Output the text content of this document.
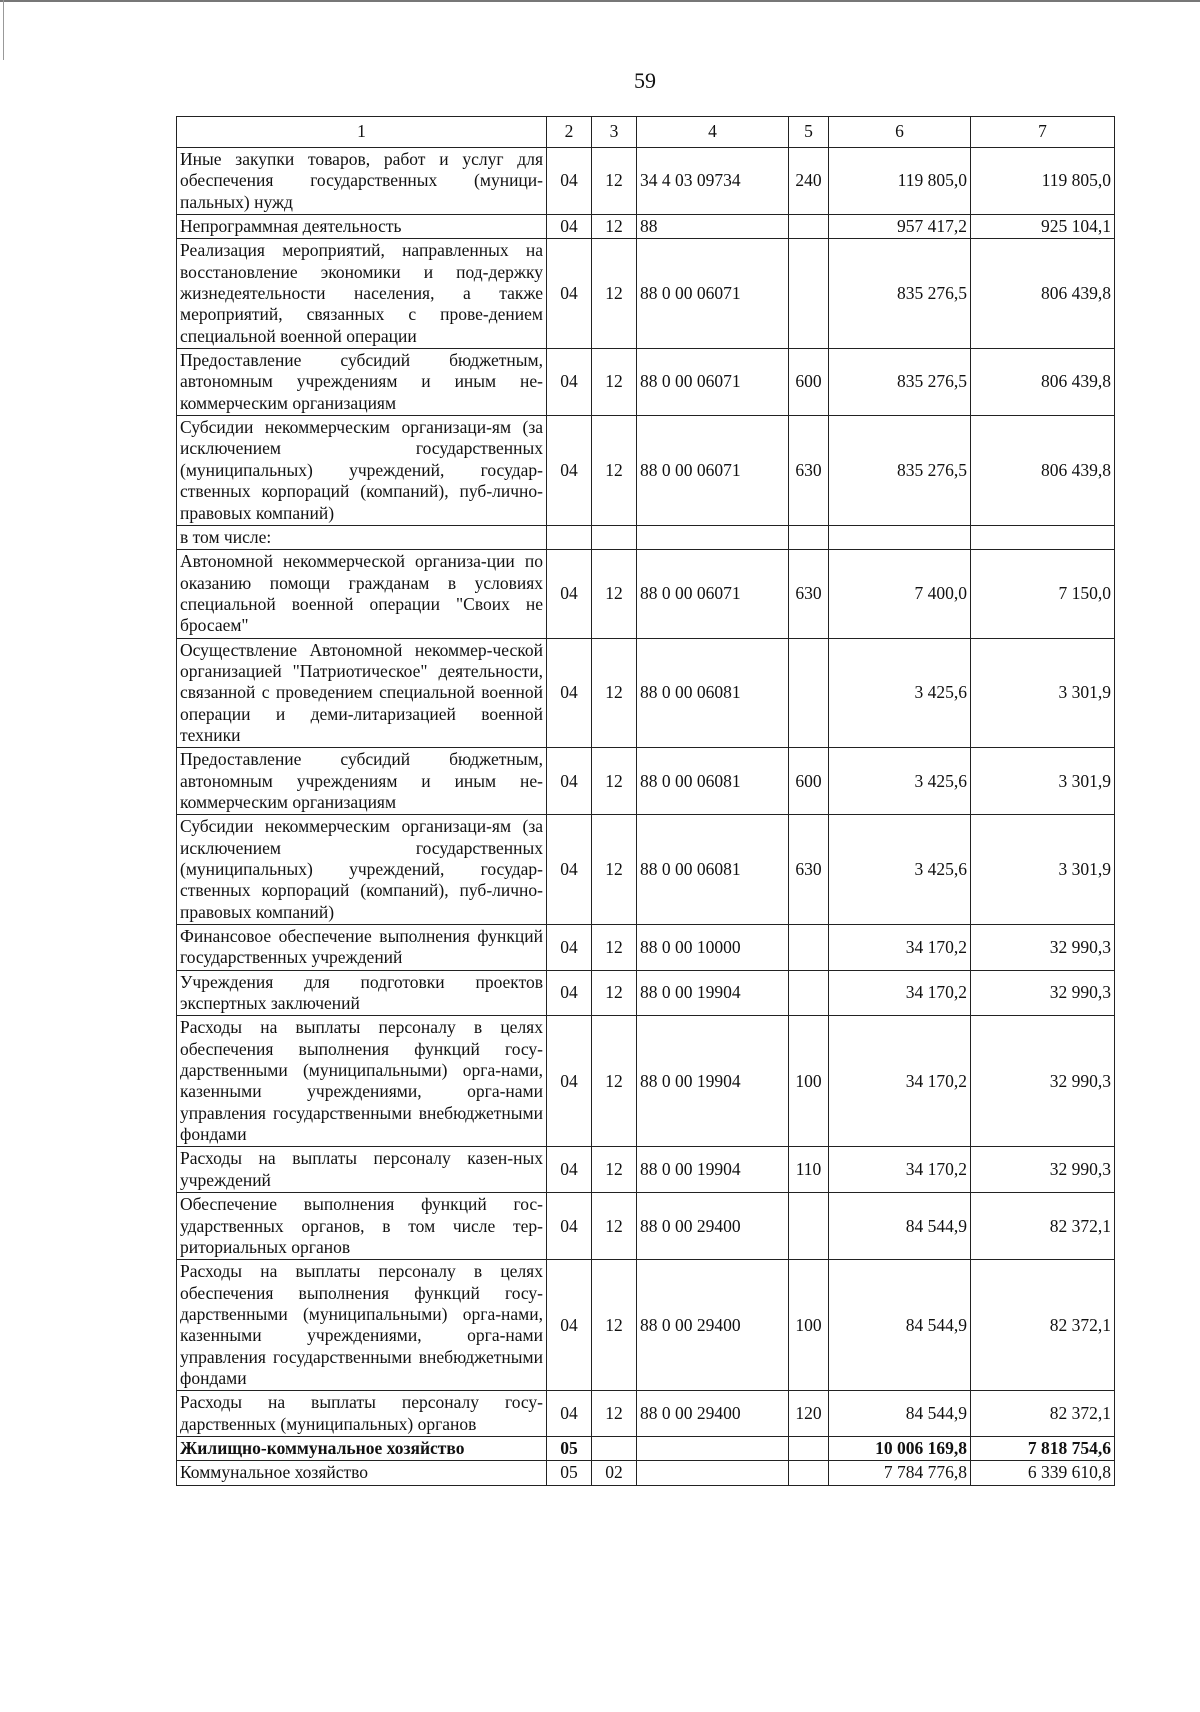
59
1	2	3	4	5	6	7
Иные закупки товаров, работ и услуг для обеспечения государственных (муници-пальных) нужд	04	12	34 4 03 09734	240	119 805,0	119 805,0
Непрограммная деятельность	04	12	88		957 417,2	925 104,1
Реализация мероприятий, направленных на восстановление экономики и под-держку жизнедеятельности населения, а также мероприятий, связанных с прове-дением специальной военной операции	04	12	88 0 00 06071		835 276,5	806 439,8
Предоставление субсидий бюджетным, автономным учреждениям и иным не-коммерческим организациям	04	12	88 0 00 06071	600	835 276,5	806 439,8
Субсидии некоммерческим организаци-ям (за исключением государственных (муниципальных) учреждений, государ-ственных корпораций (компаний), пуб-лично-правовых компаний)	04	12	88 0 00 06071	630	835 276,5	806 439,8
в том числе:						
Автономной некоммерческой организа-ции по оказанию помощи гражданам в условиях специальной военной операции "Своих не бросаем"	04	12	88 0 00 06071	630	7 400,0	7 150,0
Осуществление Автономной некоммер-ческой организацией "Патриотическое" деятельности, связанной с проведением специальной военной операции и деми-литаризацией военной техники	04	12	88 0 00 06081		3 425,6	3 301,9
Предоставление субсидий бюджетным, автономным учреждениям и иным не-коммерческим организациям	04	12	88 0 00 06081	600	3 425,6	3 301,9
Субсидии некоммерческим организаци-ям (за исключением государственных (муниципальных) учреждений, государ-ственных корпораций (компаний), пуб-лично-правовых компаний)	04	12	88 0 00 06081	630	3 425,6	3 301,9
Финансовое обеспечение выполнения функций государственных учреждений	04	12	88 0 00 10000		34 170,2	32 990,3
Учреждения для подготовки проектов экспертных заключений	04	12	88 0 00 19904		34 170,2	32 990,3
Расходы на выплаты персоналу в целях обеспечения выполнения функций госу-дарственными (муниципальными) орга-нами, казенными учреждениями, орга-нами управления государственными внебюджетными фондами	04	12	88 0 00 19904	100	34 170,2	32 990,3
Расходы на выплаты персоналу казен-ных учреждений	04	12	88 0 00 19904	110	34 170,2	32 990,3
Обеспечение выполнения функций гос-ударственных органов, в том числе тер-риториальных органов	04	12	88 0 00 29400		84 544,9	82 372,1
Расходы на выплаты персоналу в целях обеспечения выполнения функций госу-дарственными (муниципальными) орга-нами, казенными учреждениями, орга-нами управления государственными внебюджетными фондами	04	12	88 0 00 29400	100	84 544,9	82 372,1
Расходы на выплаты персоналу госу-дарственных (муниципальных) органов	04	12	88 0 00 29400	120	84 544,9	82 372,1
Жилищно-коммунальное хозяйство	05				10 006 169,8	7 818 754,6
Коммунальное хозяйство	05	02			7 784 776,8	6 339 610,8
